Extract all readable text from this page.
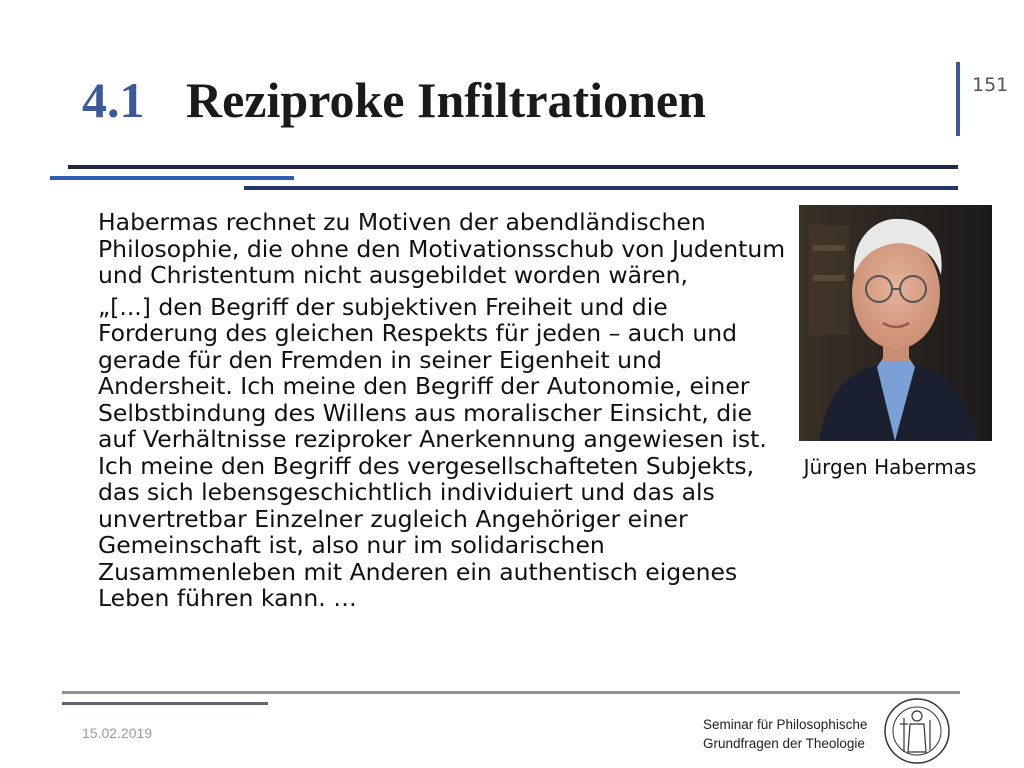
4.1 Reziproke Infiltrationen	151

Habermas rechnet zu Motiven der abendländischen Philosophie, die ohne den Motivationsschub von Judentum und Christentum nicht ausgebildet worden wären,

„[...] den Begriff der subjektiven Freiheit und die Forderung des gleichen Respekts für jeden – auch und gerade für den Fremden in seiner Eigenheit und Andersheit. Ich meine den Begriff der Autonomie, einer Selbstbindung des Willens aus moralischer Einsicht, die auf Verhältnisse reziproker Anerkennung angewiesen ist. Ich meine den Begriff des vergesellschafteten Subjekts, das sich lebensgeschichtlich individuiert und das als unvertretbar Einzelner zugleich Angehöriger einer Gemeinschaft ist, also nur im solidarischen Zusammenleben mit Anderen ein authentisch eigenes Leben führen kann. …

Jürgen Habermas
15.02.2019
Seminar für Philosophische
Grundfragen der Theologie
